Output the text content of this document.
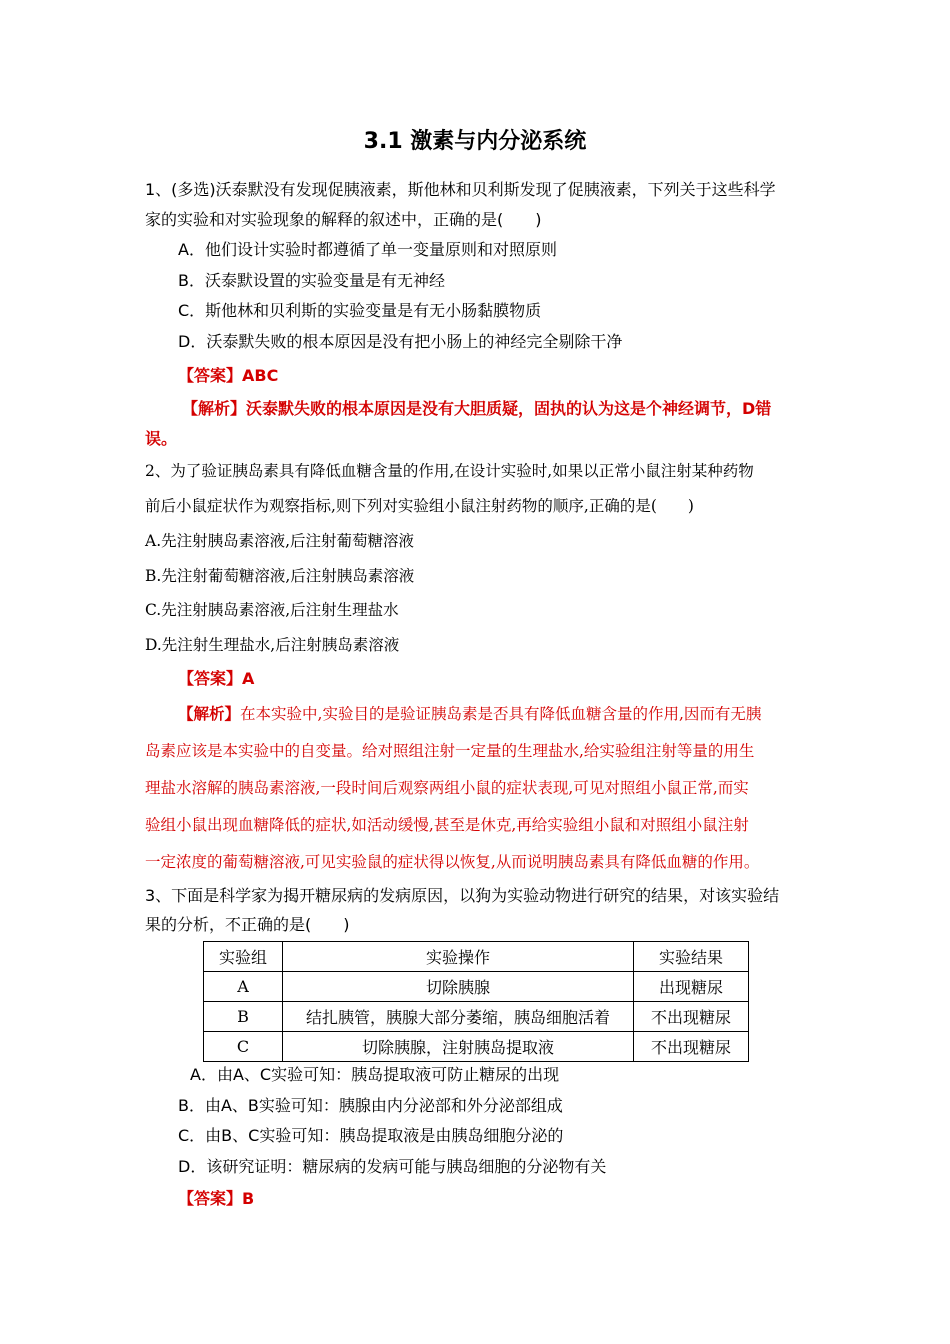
3.1 激素与内分泌系统
1、(多选)沃泰默没有发现促胰液素，斯他林和贝利斯发现了促胰液素，下列关于这些科学
家的实验和对实验现象的解释的叙述中，正确的是(　　)
A．他们设计实验时都遵循了单一变量原则和对照原则
B．沃泰默设置的实验变量是有无神经
C．斯他林和贝利斯的实验变量是有无小肠黏膜物质
D．沃泰默失败的根本原因是没有把小肠上的神经完全剔除干净
【答案】ABC
【解析】沃泰默失败的根本原因是没有大胆质疑，固执的认为这是个神经调节，D错
误。
2、为了验证胰岛素具有降低血糖含量的作用,在设计实验时,如果以正常小鼠注射某种药物
前后小鼠症状作为观察指标,则下列对实验组小鼠注射药物的顺序,正确的是(　　)
A.先注射胰岛素溶液,后注射葡萄糖溶液
B.先注射葡萄糖溶液,后注射胰岛素溶液
C.先注射胰岛素溶液,后注射生理盐水
D.先注射生理盐水,后注射胰岛素溶液
【答案】A
【解析】在本实验中,实验目的是验证胰岛素是否具有降低血糖含量的作用,因而有无胰
岛素应该是本实验中的自变量。给对照组注射一定量的生理盐水,给实验组注射等量的用生
理盐水溶解的胰岛素溶液,一段时间后观察两组小鼠的症状表现,可见对照组小鼠正常,而实
验组小鼠出现血糖降低的症状,如活动缓慢,甚至是休克,再给实验组小鼠和对照组小鼠注射
一定浓度的葡萄糖溶液,可见实验鼠的症状得以恢复,从而说明胰岛素具有降低血糖的作用。
3、下面是科学家为揭开糖尿病的发病原因，以狗为实验动物进行研究的结果，对该实验结
果的分析，不正确的是(　　)
实验组	实验操作	实验结果
A	切除胰腺	出现糖尿
B	结扎胰管，胰腺大部分萎缩，胰岛细胞活着	不出现糖尿
C	切除胰腺，注射胰岛提取液	不出现糖尿
A．由A、C实验可知：胰岛提取液可防止糖尿的出现
B．由A、B实验可知：胰腺由内分泌部和外分泌部组成
C．由B、C实验可知：胰岛提取液是由胰岛细胞分泌的
D．该研究证明：糖尿病的发病可能与胰岛细胞的分泌物有关
【答案】B
